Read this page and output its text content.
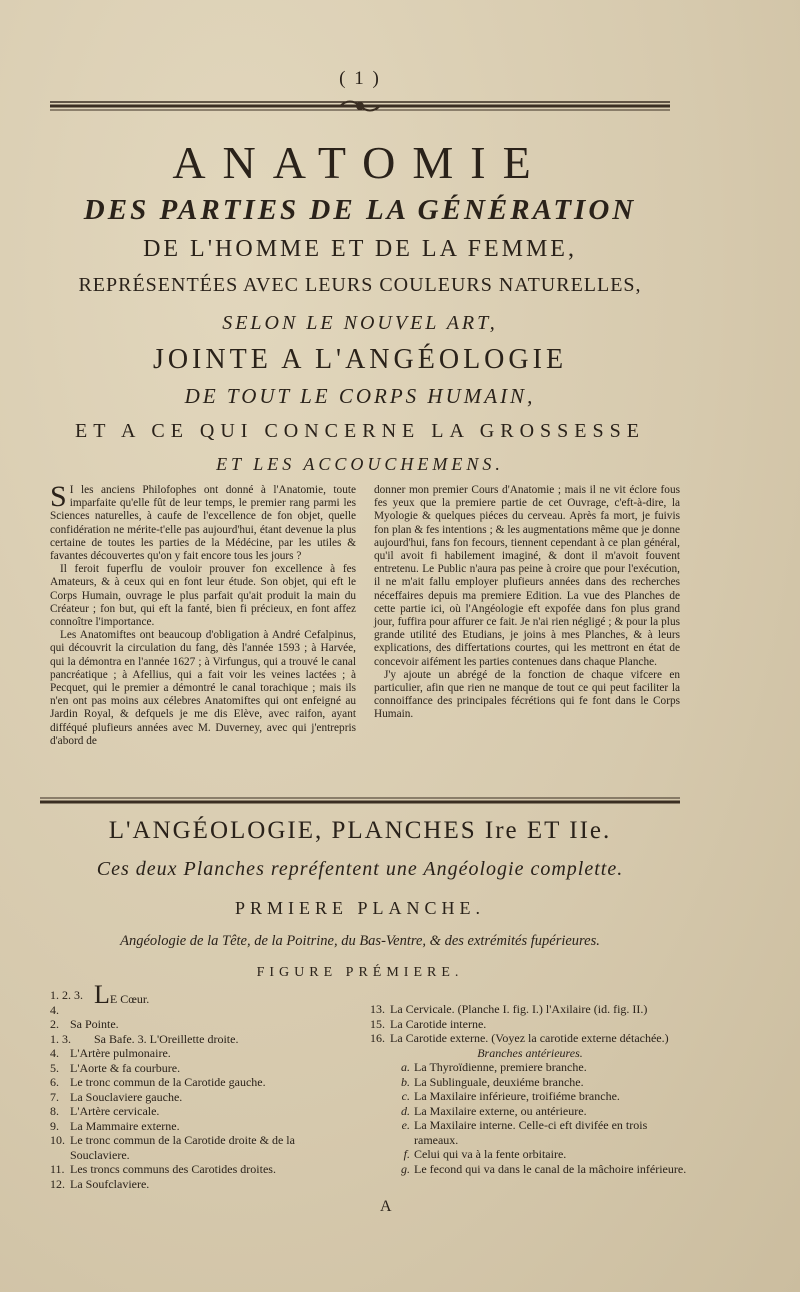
( 1 )
ANATOMIE
DES PARTIES DE LA GÉNÉRATION
DE L'HOMME ET DE LA FEMME,
REPRÉSENTÉES AVEC LEURS COULEURS NATURELLES,
SELON LE NOUVEL ART,
JOINTE A L'ANGÉOLOGIE
DE TOUT LE CORPS HUMAIN,
ET A CE QUI CONCERNE LA GROSSESSE
ET LES ACCOUCHEMENS.

S I les anciens Philofophes ont donné à l'Anatomie, toute imparfaite qu'elle fût de leur temps, le premier rang parmi les Sciences naturelles, à caufe de l'excellence de fon objet, quelle confidération ne mérite-t'elle pas aujourd'hui, étant devenue la plus certaine de toutes les parties de la Médécine, par les utiles & favantes découvertes qu'on y fait encore tous les jours ?

Il feroit fuperflu de vouloir prouver fon excellence à fes Amateurs, & à ceux qui en font leur étude. Son objet, qui eft le Corps Humain, ouvrage le plus parfait qu'ait produit la main du Créateur ; fon but, qui eft la fanté, bien fi précieux, en font affez connoître l'importance.

Les Anatomiftes ont beaucoup d'obligation à André Cefalpinus, qui découvrit la circulation du fang, dès l'année 1593 ; à Harvée, qui la démontra en l'année 1627 ; à Virfungus, qui a trouvé le canal pancréatique ; à Afellius, qui a fait voir les veines lactées ; à Pecquet, qui le premier a démontré le canal torachique ; mais ils n'en ont pas moins aux célebres Anatomiftes qui ont enfeigné au Jardin Royal, & defquels je me dis Elève, avec raifon, ayant difféqué plufieurs années avec M. Duverney, avec qui j'entrepris d'abord de

donner mon premier Cours d'Anatomie ; mais il ne vit éclore fous fes yeux que la premiere partie de cet Ouvrage, c'eft-à-dire, la Myologie & quelques piéces du cerveau. Après fa mort, je fuivis fon plan & fes intentions ; & les augmentations même que je donne aujourd'hui, fans fon fecours, tiennent cependant à ce plan général, qu'il avoit fi habilement imaginé, & dont il m'avoit fouvent entretenu. Le Public n'aura pas peine à croire que pour l'exécution, il ne m'ait fallu employer plufieurs années dans des recherches néceffaires depuis ma premiere Edition. La vue des Planches de cette partie ici, où l'Angéologie eft expofée dans fon plus grand jour, fuffira pour affurer ce fait. Je n'ai rien négligé ; & pour la plus grande utilité des Etudians, je joins à mes Planches, & à leurs explications, des differtations courtes, qui les mettront en état de concevoir aifément les parties contenues dans chaque Planche.

J'y ajoute un abrégé de la fonction de chaque vifcere en particulier, afin que rien ne manque de tout ce qui peut faciliter la connoiffance des principales fécrétions qui fe font dans le Corps Humain.

L'ANGÉOLOGIE, PLANCHES Ire ET IIe.
Ces deux Planches repréfentent une Angéologie complette.
PRMIERE PLANCHE.
Angéologie de la Tête, de la Poitrine, du Bas-Ventre, & des extrémités fupérieures.
FIGURE PRÉMIERE.
1. 2. 3. 4.
LE Cœur.
2. Sa Pointe.
1. 3.	Sa Bafe. 3. L'Oreillette droite.
4. L'Artère pulmonaire.
5. L'Aorte & fa courbure.
6. Le tronc commun de la Carotide gauche.
7. La Souclaviere gauche.
8. L'Artère cervicale.
9. La Mammaire externe.
10. Le tronc commun de la Carotide droite & de la Souclaviere.
11. Les troncs communs des Carotides droites.
12. La Soufclaviere.
13. La Cervicale. (Planche I. fig. I.) l'Axilaire (id. fig. II.)
15. La Carotide interne.
16. La Carotide externe. (Voyez la carotide externe détachée.)
Branches antérieures.
a. La Thyroïdienne, premiere branche.
b. La Sublinguale, deuxiéme branche.
c. La Maxilaire inférieure, troifiéme branche.
d. La Maxilaire externe, ou antérieure.
e. La Maxilaire interne. Celle-ci eft divifée en trois rameaux.
f. Celui qui va à la fente orbitaire.
g. Le fecond qui va dans le canal de la mâchoire inférieure.
A
